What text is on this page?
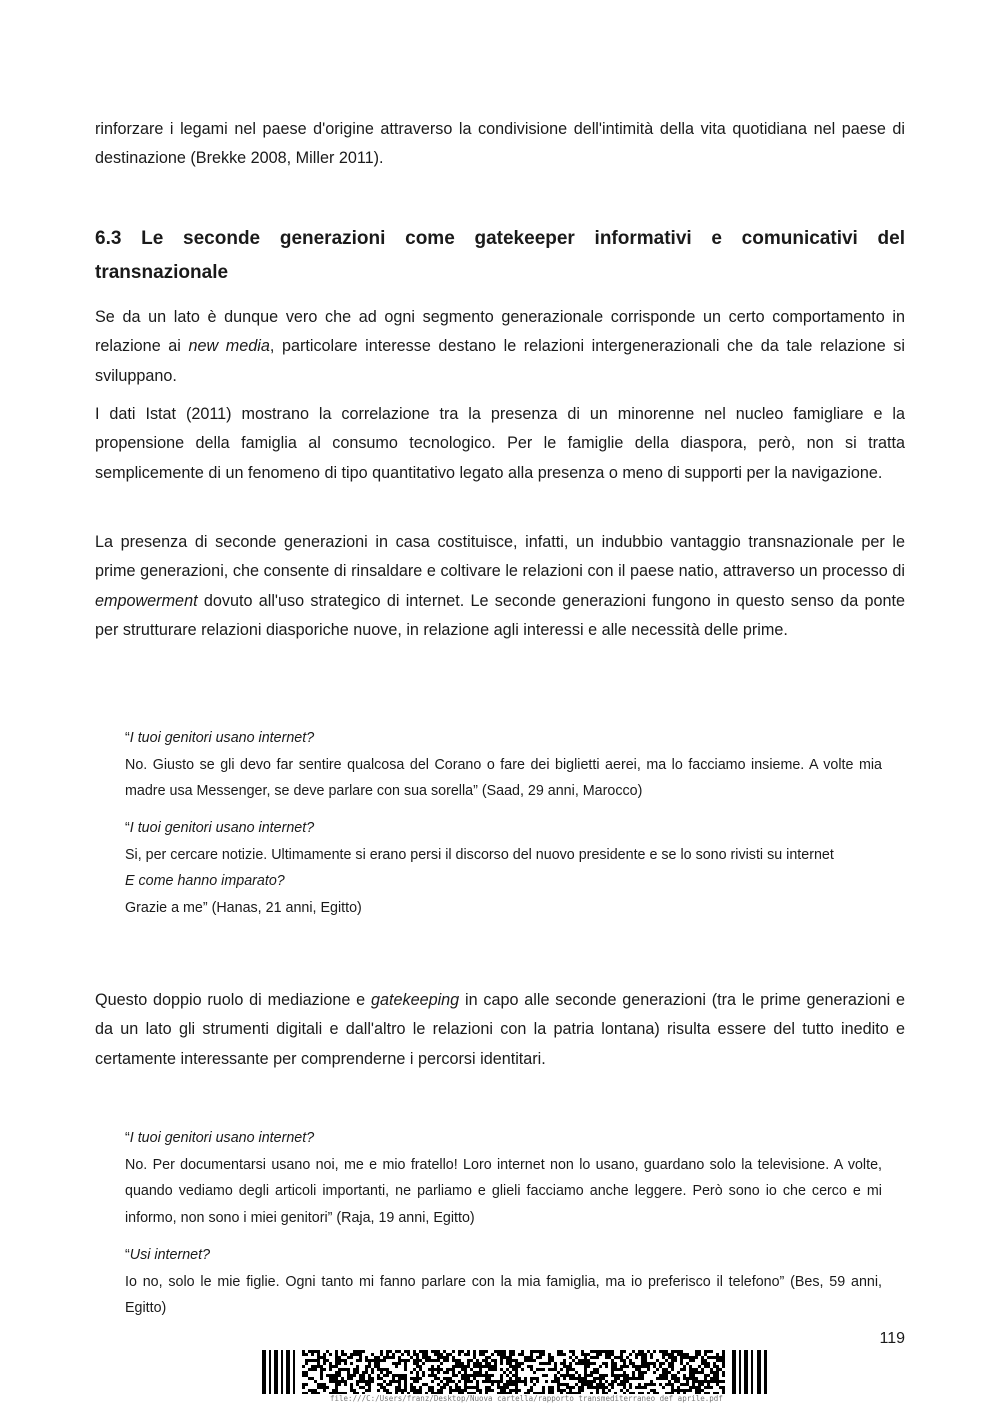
rinforzare i legami nel paese d'origine attraverso la condivisione dell'intimità della vita quotidiana nel paese di destinazione (Brekke 2008, Miller 2011).

6.3 Le seconde generazioni come gatekeeper informativi e comunicativi del transnazionale

Se da un lato è dunque vero che ad ogni segmento generazionale corrisponde un certo comportamento in relazione ai new media, particolare interesse destano le relazioni intergenerazionali che da tale relazione si sviluppano.

I dati Istat (2011) mostrano la correlazione tra la presenza di un minorenne nel nucleo famigliare e la propensione della famiglia al consumo tecnologico. Per le famiglie della diaspora, però, non si tratta semplicemente di un fenomeno di tipo quantitativo legato alla presenza o meno di supporti per la navigazione.

La presenza di seconde generazioni in casa costituisce, infatti, un indubbio vantaggio transnazionale per le prime generazioni, che consente di rinsaldare e coltivare le relazioni con il paese natio, attraverso un processo di empowerment dovuto all'uso strategico di internet. Le seconde generazioni fungono in questo senso da ponte per strutturare relazioni diasporiche nuove, in relazione agli interessi e alle necessità delle prime.

“I tuoi genitori usano internet?
No. Giusto se gli devo far sentire qualcosa del Corano o fare dei biglietti aerei, ma lo facciamo insieme. A volte mia madre usa Messenger, se deve parlare con sua sorella” (Saad, 29 anni, Marocco)
“I tuoi genitori usano internet?
Si, per cercare notizie. Ultimamente si erano persi il discorso del nuovo presidente e se lo sono rivisti su internet
E come hanno imparato?
Grazie a me” (Hanas, 21 anni, Egitto)

Questo doppio ruolo di mediazione e gatekeeping in capo alle seconde generazioni (tra le prime generazioni e da un lato gli strumenti digitali e dall'altro le relazioni con la patria lontana) risulta essere del tutto inedito e certamente interessante per comprenderne i percorsi identitari.

“I tuoi genitori usano internet?
No. Per documentarsi usano noi, me e mio fratello! Loro internet non lo usano, guardano solo la televisione. A volte, quando vediamo degli articoli importanti, ne parliamo e glieli facciamo anche leggere. Però sono io che cerco e mi informo, non sono i miei genitori” (Raja, 19 anni, Egitto)
“Usi internet?
Io no, solo le mie figlie. Ogni tanto mi fanno parlare con la mia famiglia, ma io preferisco il telefono” (Bes, 59 anni, Egitto)
119
file:///C:/Users/franz/Desktop/Nuova cartella/rapporto transmediterraneo def aprile.pdf
